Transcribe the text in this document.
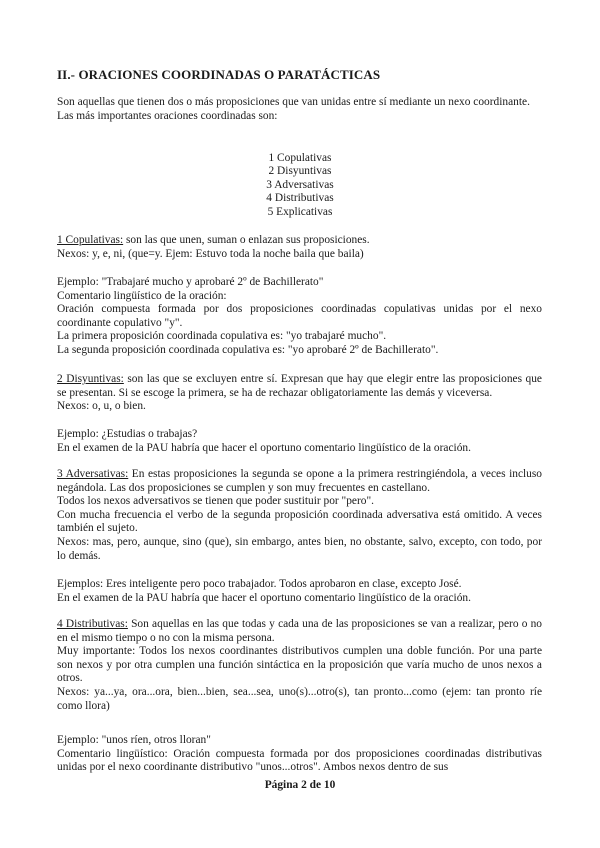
II.- ORACIONES COORDINADAS O PARATÁCTICAS

Son aquellas que tienen dos o más proposiciones que van unidas entre sí mediante un nexo coordinante.

Las más importantes oraciones coordinadas son:

1 Copulativas
2 Disyuntivas
3 Adversativas
4 Distributivas
5 Explicativas

1 Copulativas: son las que unen, suman o enlazan sus proposiciones.

Nexos: y, e, ni, (que=y. Ejem: Estuvo toda la noche baila que baila)

Ejemplo: "Trabajaré mucho y aprobaré 2º de Bachillerato"

Comentario lingüístico de la oración:

Oración compuesta formada por dos proposiciones coordinadas copulativas unidas por el nexo coordinante copulativo "y".

La primera proposición coordinada copulativa es: "yo trabajaré mucho".

La segunda proposición coordinada copulativa es: "yo aprobaré 2º de Bachillerato".

2 Disyuntivas: son las que se excluyen entre sí. Expresan que hay que elegir entre las proposiciones que se presentan. Si se escoge la primera, se ha de rechazar obligatoriamente las demás y viceversa.

Nexos: o, u, o bien.

Ejemplo: ¿Estudias o trabajas?

En el examen de la PAU habría que hacer el oportuno comentario lingüístico de la oración.

3 Adversativas: En estas proposiciones la segunda se opone a la primera restringiéndola, a veces incluso negándola. Las dos proposiciones se cumplen y son muy frecuentes en castellano.

Todos los nexos adversativos se tienen que poder sustituir por "pero".

Con mucha frecuencia el verbo de la segunda proposición coordinada adversativa está omitido. A veces también el sujeto.

Nexos: mas, pero, aunque, sino (que), sin embargo, antes bien, no obstante, salvo, excepto, con todo, por lo demás.

Ejemplos: Eres inteligente pero poco trabajador. Todos aprobaron en clase, excepto José.

En el examen de la PAU habría que hacer el oportuno comentario lingüístico de la oración.

4 Distributivas: Son aquellas en las que todas y cada una de las proposiciones se van a realizar, pero o no en el mismo tiempo o no con la misma persona.

Muy importante: Todos los nexos coordinantes distributivos cumplen una doble función. Por una parte son nexos y por otra cumplen una función sintáctica en la proposición que varía mucho de unos nexos a otros.

Nexos: ya...ya, ora...ora, bien...bien, sea...sea, uno(s)...otro(s), tan pronto...como (ejem: tan pronto ríe como llora)

Ejemplo: "unos ríen, otros lloran"

Comentario lingüístico: Oración compuesta formada por dos proposiciones coordinadas distributivas unidas por el nexo coordinante distributivo "unos...otros". Ambos nexos dentro de sus

Página 2 de 10
